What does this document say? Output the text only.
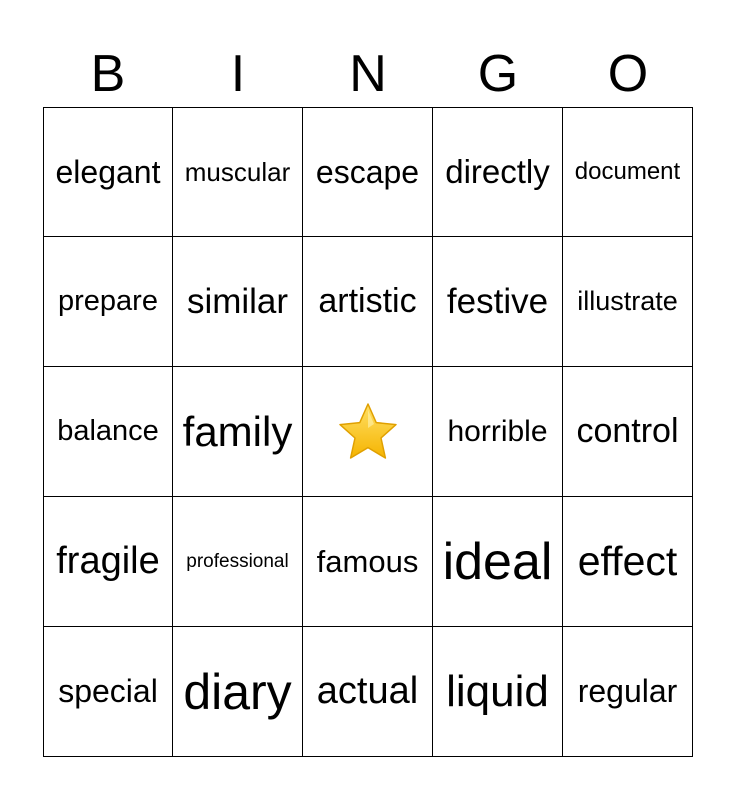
B	I	N	G	O
elegant muscular escape directly document
prepare similar artistic festive illustrate
balance family	horrible control
fragile professional famous ideal effect
special diary actual liquid regular
